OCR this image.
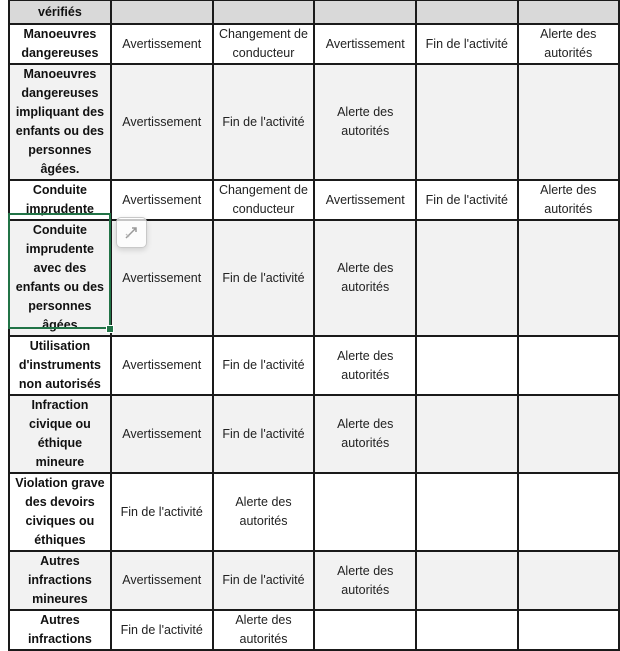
vérifiés					
Manoeuvres dangereuses	Avertissement	Changement de conducteur	Avertissement	Fin de l'activité	Alerte des autorités
Manoeuvres dangereuses impliquant des enfants ou des personnes âgées.	Avertissement	Fin de l'activité	Alerte des autorités		
Conduite imprudente	Avertissement	Changement de conducteur	Avertissement	Fin de l'activité	Alerte des autorités
Conduite imprudente avec des enfants ou des personnes âgées	Avertissement	Fin de l'activité	Alerte des autorités		
Utilisation d'instruments non autorisés	Avertissement	Fin de l'activité	Alerte des autorités		
Infraction civique ou éthique mineure	Avertissement	Fin de l'activité	Alerte des autorités		
Violation grave des devoirs civiques ou éthiques	Fin de l'activité	Alerte des autorités			
Autres infractions mineures	Avertissement	Fin de l'activité	Alerte des autorités		
Autres infractions	Fin de l'activité	Alerte des autorités			
